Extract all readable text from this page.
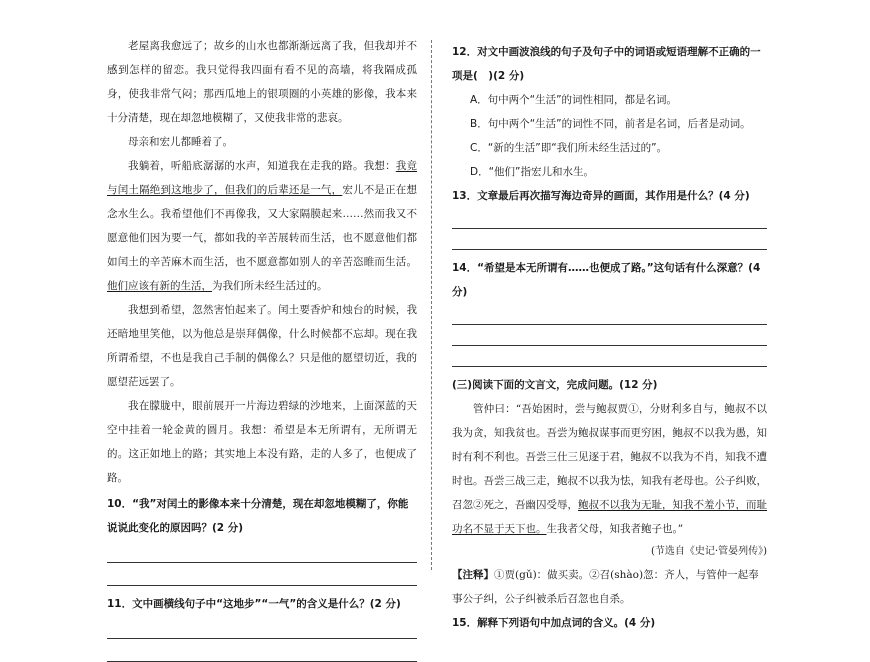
老屋离我愈远了；故乡的山水也都渐渐远离了我，但我却并不感到怎样的留恋。我只觉得我四面有看不见的高墙，将我隔成孤身，使我非常气闷；那西瓜地上的银项圈的小英雄的影像，我本来十分清楚，现在却忽地模糊了，又使我非常的悲哀。

母亲和宏儿都睡着了。

我躺着，听船底潺潺的水声，知道我在走我的路。我想：我竟与闰土隔绝到这地步了，但我们的后辈还是一气，宏儿不是正在想念水生么。我希望他们不再像我，又大家隔膜起来……然而我又不愿意他们因为要一气，都如我的辛苦展转而生活，也不愿意他们都如闰土的辛苦麻木而生活，也不愿意都如别人的辛苦恣睢而生活。他们应该有新的生活，为我们所未经生活过的。

我想到希望，忽然害怕起来了。闰土要香炉和烛台的时候，我还暗地里笑他，以为他总是崇拜偶像，什么时候都不忘却。现在我所谓希望，不也是我自己手制的偶像么？只是他的愿望切近，我的愿望茫远罢了。

我在朦胧中，眼前展开一片海边碧绿的沙地来，上面深蓝的天空中挂着一轮金黄的圆月。我想：希望是本无所谓有，无所谓无的。这正如地上的路；其实地上本没有路，走的人多了，也便成了路。

10．“我”对闰土的影像本来十分清楚，现在却忽地模糊了，你能说说此变化的原因吗？(2 分)

11．文中画横线句子中“这地步”“一气”的含义是什么？(2 分)

12．对文中画波浪线的句子及句子中的词语或短语理解不正确的一项是(　)(2 分)

A．句中两个“生活”的词性相同，都是名词。

B．句中两个“生活”的词性不同，前者是名词，后者是动词。

C．“新的生活”即“我们所未经生活过的”。

D．“他们”指宏儿和水生。

13．文章最后再次描写海边奇异的画面，其作用是什么？(4 分)

14．“希望是本无所谓有……也便成了路。”这句话有什么深意？(4 分)

(三)阅读下面的文言文，完成问题。(12 分)

管仲曰：“吾始困时，尝与鲍叔贾①，分财利多自与，鲍叔不以我为贪，知我贫也。吾尝为鲍叔谋事而更穷困，鲍叔不以我为愚，知时有利不利也。吾尝三仕三见逐于君，鲍叔不以我为不肖，知我不遭时也。吾尝三战三走，鲍叔不以我为怯，知我有老母也。公子纠败，召忽②死之，吾幽囚受辱，鲍叔不以我为无耻，知我不羞小节，而耻功名不显于天下也。生我者父母，知我者鲍子也。”

(节选自《史记·管晏列传》)

【注释】①贾(gǔ)：做买卖。②召(shào)忽：齐人，与管仲一起奉事公子纠，公子纠被杀后召忽也自杀。

15．解释下列语句中加点词的含义。(4 分)
